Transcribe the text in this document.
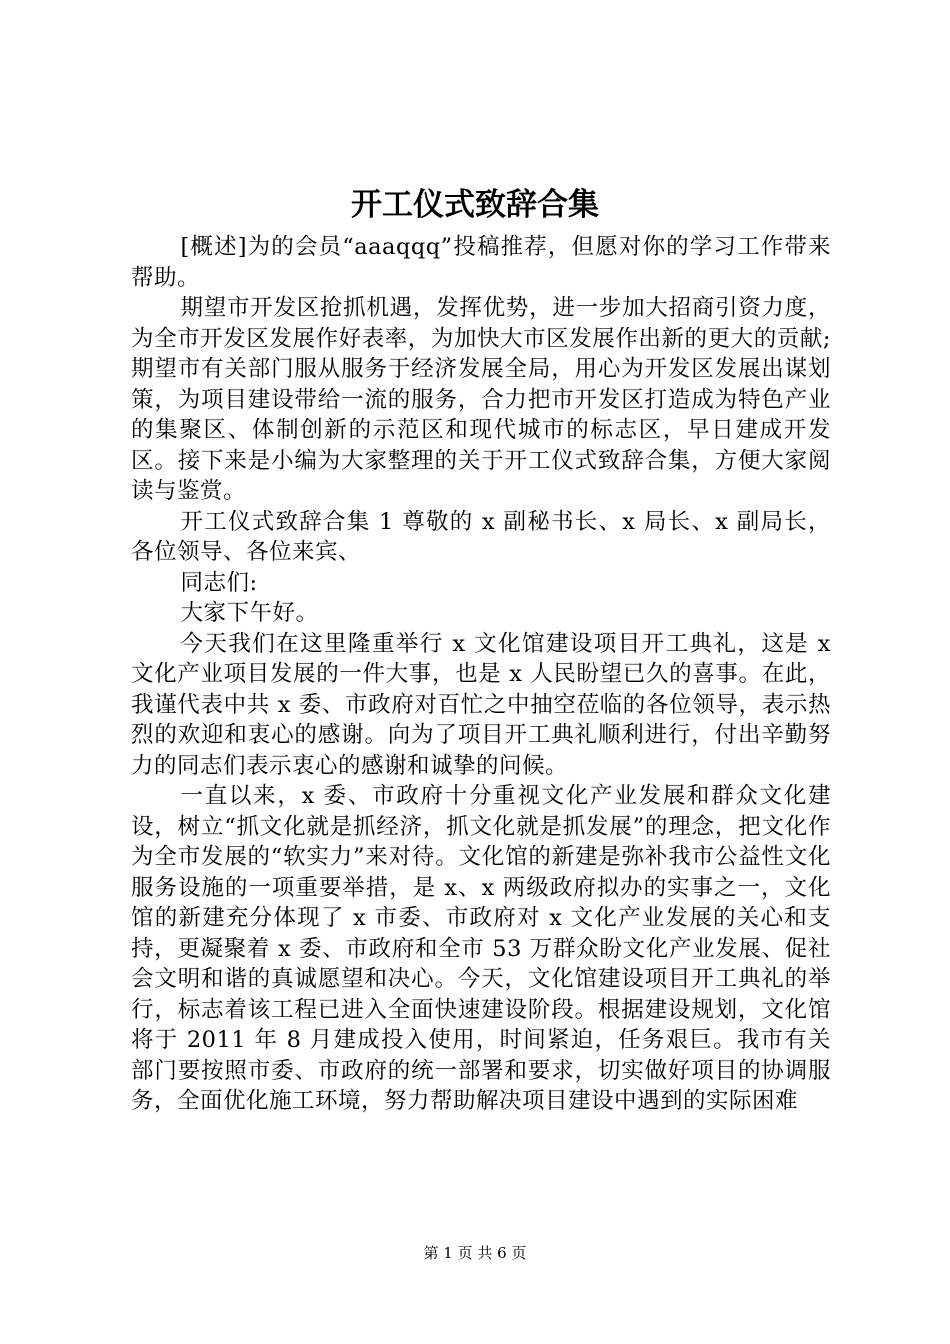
开工仪式致辞合集

[概述]为的会员“aaaqqq”投稿推荐，但愿对你的学习工作带来帮助。

期望市开发区抢抓机遇，发挥优势，进一步加大招商引资力度，为全市开发区发展作好表率，为加快大市区发展作出新的更大的贡献;期望市有关部门服从服务于经济发展全局，用心为开发区发展出谋划策，为项目建设带给一流的服务，合力把市开发区打造成为特色产业的集聚区、体制创新的示范区和现代城市的标志区，早日建成开发区。接下来是小编为大家整理的关于开工仪式致辞合集，方便大家阅读与鉴赏。

开工仪式致辞合集 1 尊敬的 x 副秘书长、x 局长、x 副局长，各位领导、各位来宾、

同志们:

大家下午好。

今天我们在这里隆重举行 x 文化馆建设项目开工典礼，这是 x 文化产业项目发展的一件大事，也是 x 人民盼望已久的喜事。在此，我谨代表中共 x 委、市政府对百忙之中抽空莅临的各位领导，表示热烈的欢迎和衷心的感谢。向为了项目开工典礼顺利进行，付出辛勤努力的同志们表示衷心的感谢和诚挚的问候。

一直以来，x 委、市政府十分重视文化产业发展和群众文化建设，树立“抓文化就是抓经济，抓文化就是抓发展”的理念，把文化作为全市发展的“软实力”来对待。文化馆的新建是弥补我市公益性文化服务设施的一项重要举措，是 x、x 两级政府拟办的实事之一，文化馆的新建充分体现了 x 市委、市政府对 x 文化产业发展的关心和支持，更凝聚着 x 委、市政府和全市 53 万群众盼文化产业发展、促社会文明和谐的真诚愿望和决心。今天，文化馆建设项目开工典礼的举行，标志着该工程已进入全面快速建设阶段。根据建设规划，文化馆将于 2011 年 8 月建成投入使用，时间紧迫，任务艰巨。我市有关部门要按照市委、市政府的统一部署和要求，切实做好项目的协调服务，全面优化施工环境，努力帮助解决项目建设中遇到的实际困难

第 1 页 共 6 页
